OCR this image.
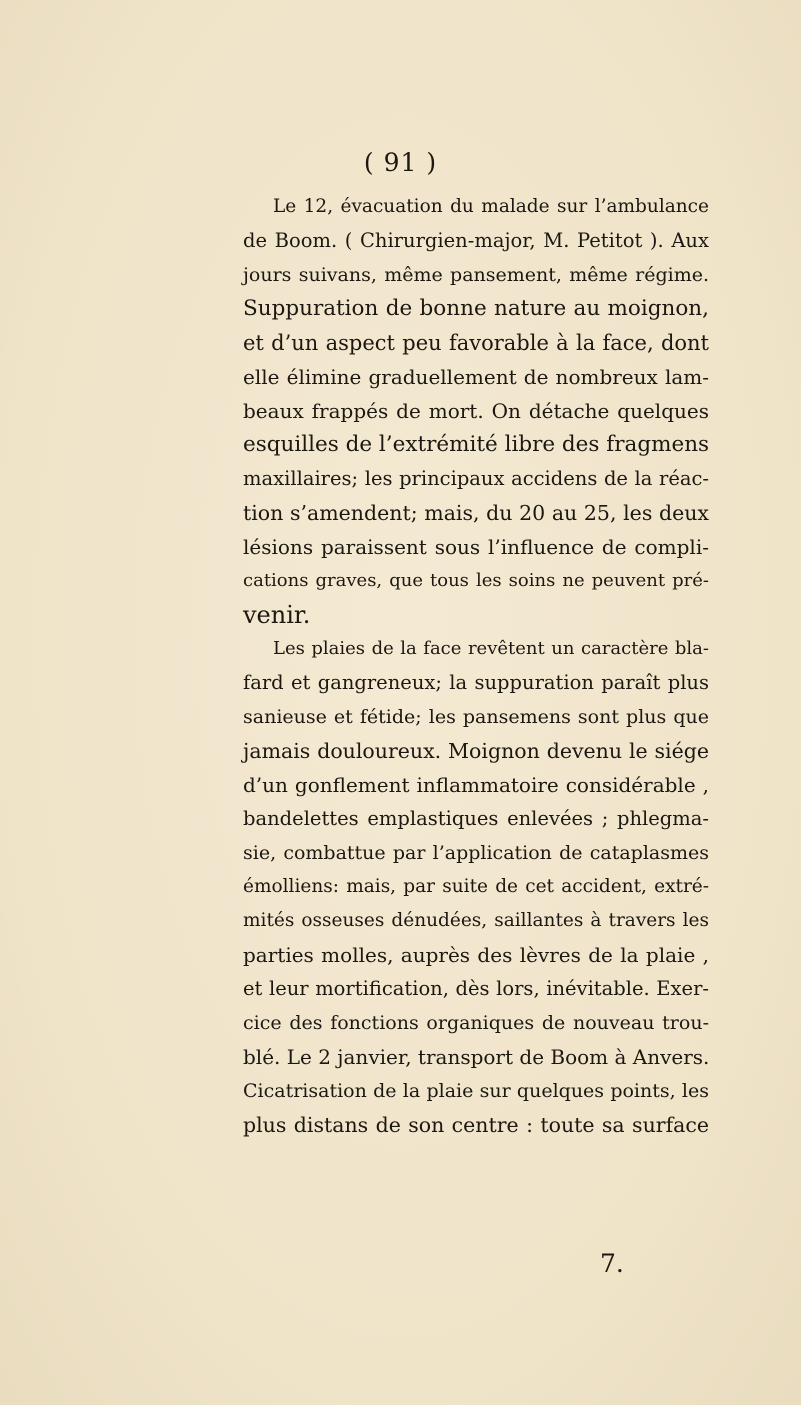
( 91 )
Le 12, évacuation du malade sur l’ambulance
de Boom. ( Chirurgien-major, M. Petitot ). Aux
jours suivans, même pansement, même régime.
Suppuration de bonne nature au moignon,
et d’un aspect peu favorable à la face, dont
elle élimine graduellement de nombreux lam-
beaux frappés de mort. On détache quelques
esquilles de l’extrémité libre des fragmens
maxillaires; les principaux accidens de la réac-
tion s’amendent; mais, du 20 au 25, les deux
lésions paraissent sous l’influence de compli-
cations graves, que tous les soins ne peuvent pré-
venir.
Les plaies de la face revêtent un caractère bla-
fard et gangreneux; la suppuration paraît plus
sanieuse et fétide; les pansemens sont plus que
jamais douloureux. Moignon devenu le siége
d’un gonflement inflammatoire considérable ,
bandelettes emplastiques enlevées ; phlegma-
sie, combattue par l’application de cataplasmes
émolliens: mais, par suite de cet accident, extré-
mités osseuses dénudées, saillantes à travers les
parties molles, auprès des lèvres de la plaie ,
et leur mortification, dès lors, inévitable. Exer-
cice des fonctions organiques de nouveau trou-
blé. Le 2 janvier, transport de Boom à Anvers.
Cicatrisation de la plaie sur quelques points, les
plus distans de son centre : toute sa surface
7.
